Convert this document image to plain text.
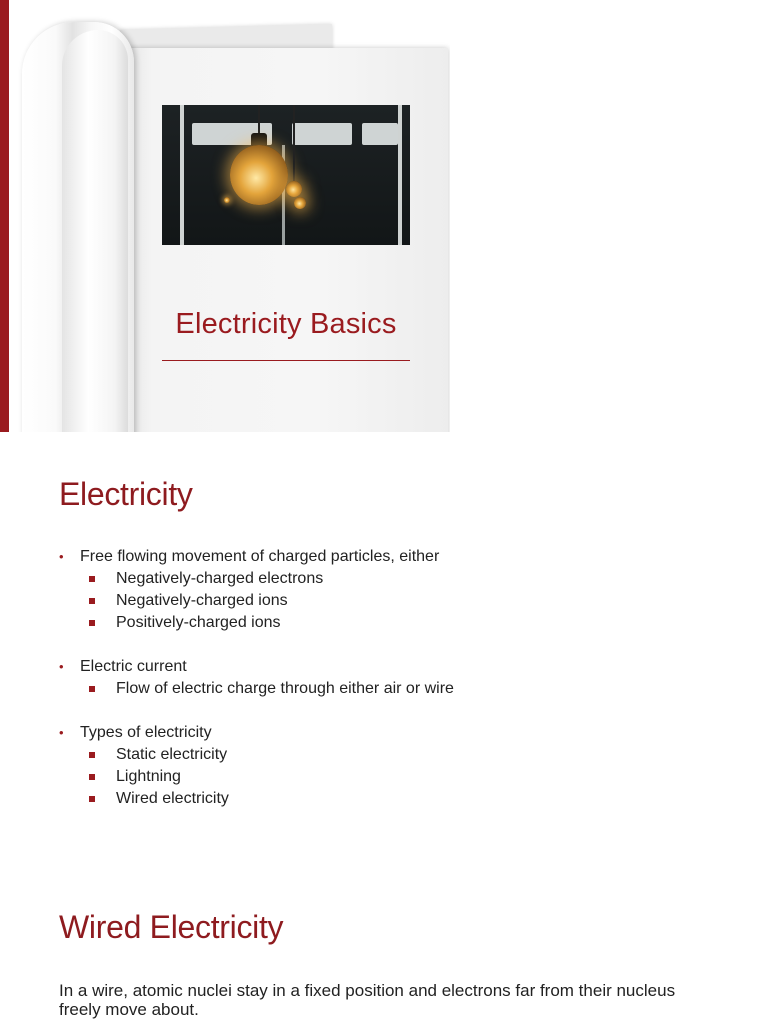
Electricity Basics
Electricity
• Free flowing movement of charged particles, either
Negatively-charged electrons
Negatively-charged ions
Positively-charged ions
• Electric current
Flow of electric charge through either air or wire
• Types of electricity
Static electricity
Lightning
Wired electricity
Wired Electricity

In a wire, atomic nuclei stay in a fixed position and electrons far from their nucleus freely move about.
